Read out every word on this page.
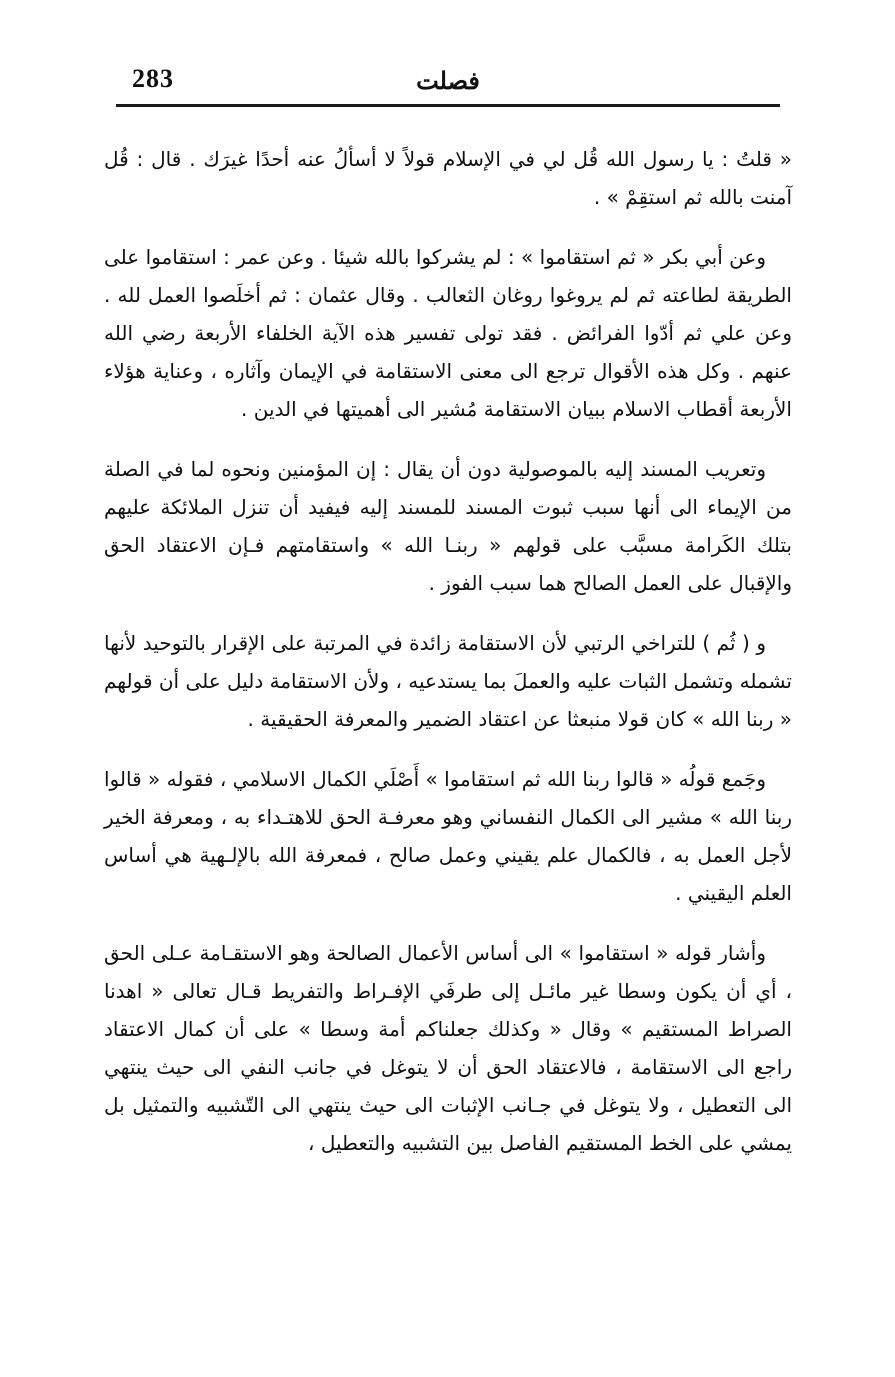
283	فصلت

« قلتُ : يا رسول الله قُل لي في الإسلام قولاً لا أسألُ عنه أحدًا غيرَك . قال : قُل آمنت بالله ثم استقِمْ » .

وعن أبي بكر « ثم استقاموا » : لم يشركوا بالله شيئا . وعن عمر : استقاموا على الطريقة لطاعته ثم لم يروغوا روغان الثعالب . وقال عثمان : ثم أخلَصوا العمل لله . وعن علي ثم أدّوا الفرائض . فقد تولى تفسير هذه الآية الخلفاء الأربعة رضي الله عنهم . وكل هذه الأقوال ترجع الى معنى الاستقامة في الإيمان وآثاره ، وعناية هؤلاء الأربعة أقطاب الاسلام ببيان الاستقامة مُشير الى أهميتها في الدين .

وتعريب المسند إليه بالموصولية دون أن يقال : إن المؤمنين ونحوه لما في الصلة من الإيماء الى أنها سبب ثبوت المسند للمسند إليه فيفيد أن تنزل الملائكة عليهم بتلك الكَرامة مسبَّب على قولهم « ربنـا الله » واستقامتهم فـإن الاعتقاد الحق والإقبال على العمل الصالح هما سبب الفوز .

و ( ثُم ) للتراخي الرتبي لأن الاستقامة زائدة في المرتبة على الإقرار بالتوحيد لأنها تشمله وتشمل الثبات عليه والعملَ بما يستدعيه ، ولأن الاستقامة دليل على أن قولهم « ربنا الله » كان قولا منبعثا عن اعتقاد الضمير والمعرفة الحقيقية .

وجَمع قولُه « قالوا ربنا الله ثم استقاموا » أَصْلَي الكمال الاسلامي ، فقوله « قالوا ربنا الله » مشير الى الكمال النفساني وهو معرفـة الحق للاهتـداء به ، ومعرفة الخير لأجل العمل به ، فالكمال علم يقيني وعمل صالح ، فمعرفة الله بالإلـهية هي أساس العلم اليقيني .

وأشار قوله « استقاموا » الى أساس الأعمال الصالحة وهو الاستقـامة عـلى الحق ، أي أن يكون وسطا غير مائـل إلى طرفَي الإفـراط والتفريط قـال تعالى « اهدنا الصراط المستقيم » وقال « وكذلك جعلناكم أمة وسطا » على أن كمال الاعتقاد راجع الى الاستقامة ، فالاعتقاد الحق أن لا يتوغل في جانب النفي الى حيث ينتهي الى التعطيل ، ولا يتوغل في جـانب الإثبات الى حيث ينتهي الى التّشبيه والتمثيل بل يمشي على الخط المستقيم الفاصل بين التشبيه والتعطيل ،
